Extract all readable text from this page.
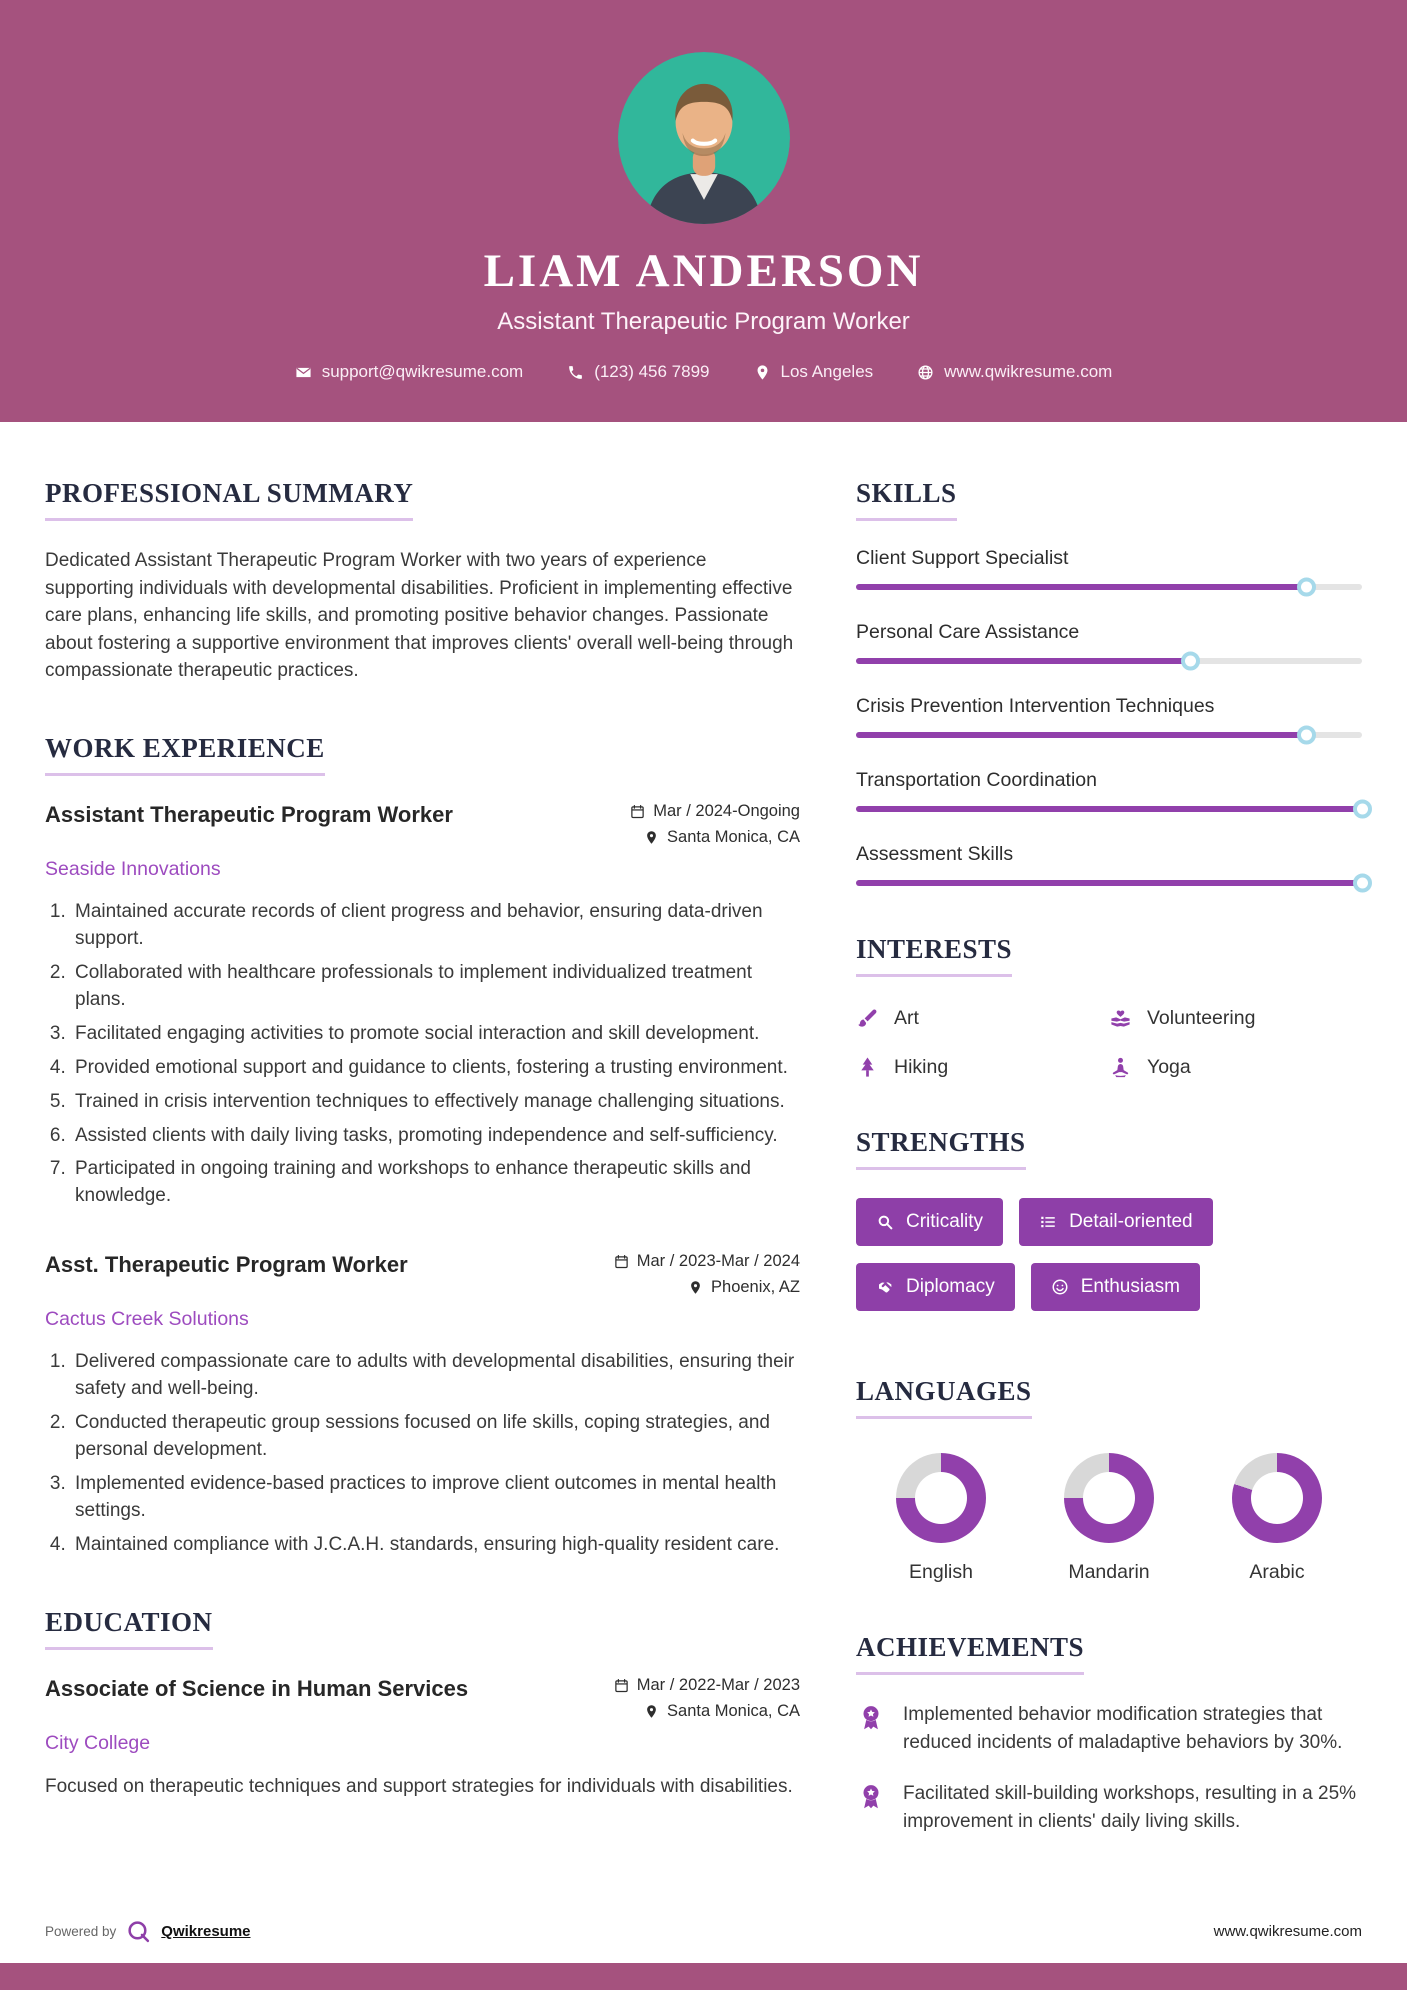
LIAM ANDERSON
Assistant Therapeutic Program Worker
support@qwikresume.com	(123) 456 7899	Los Angeles	www.qwikresume.com
PROFESSIONAL SUMMARY

Dedicated Assistant Therapeutic Program Worker with two years of experience supporting individuals with developmental disabilities. Proficient in implementing effective care plans, enhancing life skills, and promoting positive behavior changes. Passionate about fostering a supportive environment that improves clients' overall well-being through compassionate therapeutic practices.

WORK EXPERIENCE
Assistant Therapeutic Program Worker	Mar / 2024-Ongoing
Santa Monica, CA
Seaside Innovations
1. Maintained accurate records of client progress and behavior, ensuring data-driven support.
2. Collaborated with healthcare professionals to implement individualized treatment plans.
3. Facilitated engaging activities to promote social interaction and skill development.
4. Provided emotional support and guidance to clients, fostering a trusting environment.
5. Trained in crisis intervention techniques to effectively manage challenging situations.
6. Assisted clients with daily living tasks, promoting independence and self-sufficiency.
7. Participated in ongoing training and workshops to enhance therapeutic skills and knowledge.
Asst. Therapeutic Program Worker	Mar / 2023-Mar / 2024
Phoenix, AZ
Cactus Creek Solutions
1. Delivered compassionate care to adults with developmental disabilities, ensuring their safety and well-being.
2. Conducted therapeutic group sessions focused on life skills, coping strategies, and personal development.
3. Implemented evidence-based practices to improve client outcomes in mental health settings.
4. Maintained compliance with J.C.A.H. standards, ensuring high-quality resident care.
EDUCATION
Associate of Science in Human Services	Mar / 2022-Mar / 2023
Santa Monica, CA
City College

Focused on therapeutic techniques and support strategies for individuals with disabilities.

SKILLS
Client Support Specialist
Personal Care Assistance
Crisis Prevention Intervention Techniques
Transportation Coordination
Assessment Skills
INTERESTS
Art	Volunteering
Hiking	Yoga
STRENGTHS
Criticality	Detail-oriented

Diplomacy	Enthusiasm
LANGUAGES
English	Mandarin	Arabic
ACHIEVEMENTS
Implemented behavior modification strategies that reduced incidents of maladaptive behaviors by 30%.
Facilitated skill-building workshops, resulting in a 25% improvement in clients' daily living skills.
Powered by	Qwikresume	www.qwikresume.com
